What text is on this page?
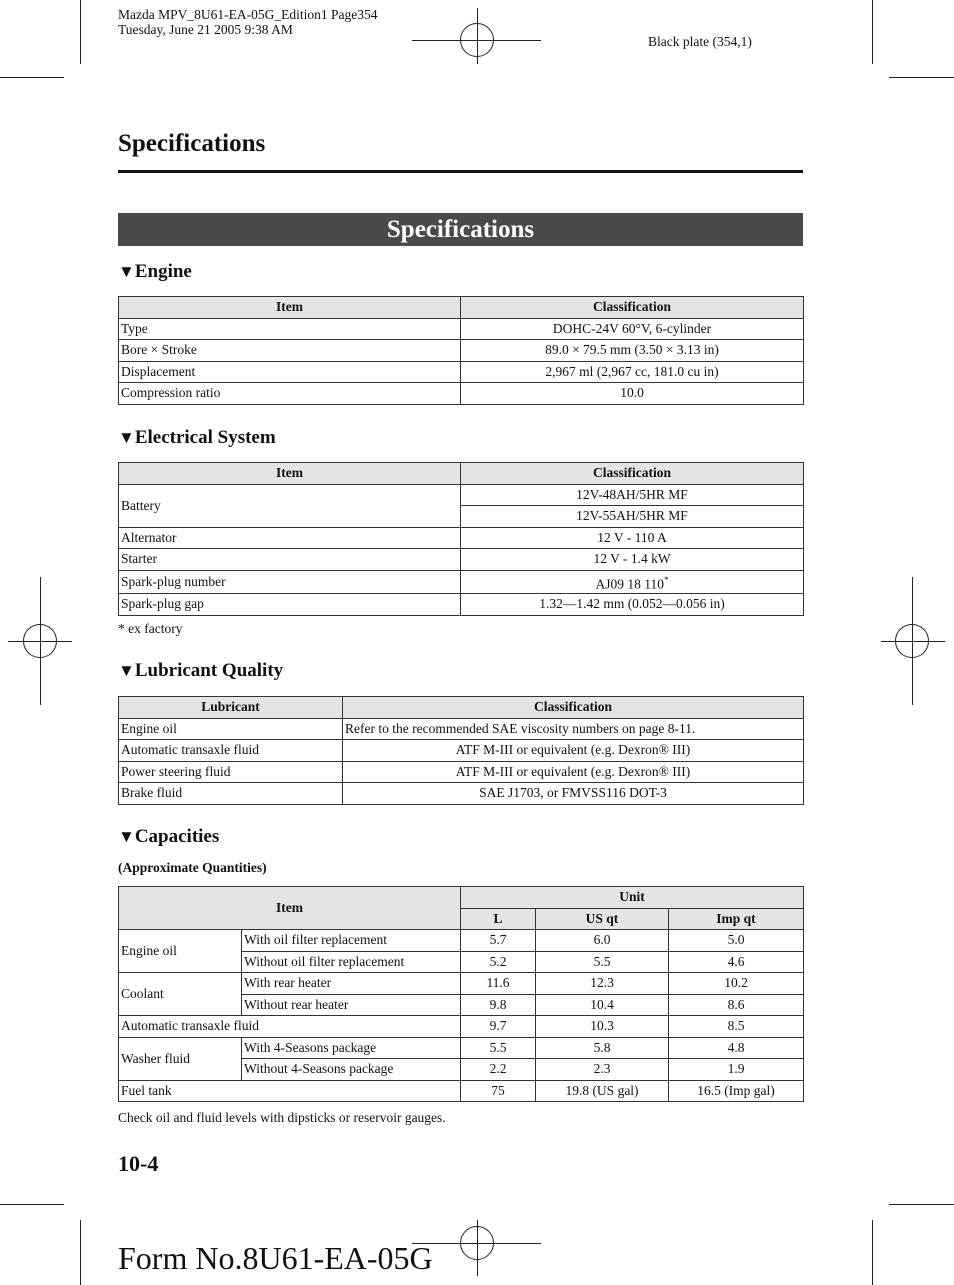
Mazda MPV_8U61-EA-05G_Edition1 Page354
Tuesday, June 21 2005 9:38 AM
Black plate (354,1)
Specifications
Specifications
▼Engine
Item	Classification
Type	DOHC-24V 60°V, 6-cylinder
Bore × Stroke	89.0 × 79.5 mm (3.50 × 3.13 in)
Displacement	2,967 ml (2,967 cc, 181.0 cu in)
Compression ratio	10.0
▼Electrical System
Item	Classification
Battery	12V-48AH/5HR MF
	12V-55AH/5HR MF
Alternator	12 V - 110 A
Starter	12 V - 1.4 kW
Spark-plug number	AJ09 18 110*
Spark-plug gap	1.32―1.42 mm (0.052―0.056 in)
* ex factory
▼Lubricant Quality
Lubricant	Classification
Engine oil	Refer to the recommended SAE viscosity numbers on page 8-11.
Automatic transaxle fluid	ATF M-III or equivalent (e.g. Dexron® III)
Power steering fluid	ATF M-III or equivalent (e.g. Dexron® III)
Brake fluid	SAE J1703, or FMVSS116 DOT-3
▼Capacities
(Approximate Quantities)
Item		Unit		
		L	US qt	Imp qt
Engine oil	With oil filter replacement	5.7	6.0	5.0
	Without oil filter replacement	5.2	5.5	4.6
Coolant	With rear heater	11.6	12.3	10.2
	Without rear heater	9.8	10.4	8.6
Automatic transaxle fluid		9.7	10.3	8.5
Washer fluid	With 4-Seasons package	5.5	5.8	4.8
	Without 4-Seasons package	2.2	2.3	1.9
Fuel tank		75	19.8 (US gal)	16.5 (Imp gal)
Check oil and fluid levels with dipsticks or reservoir gauges.
10-4
Form No.8U61-EA-05G
